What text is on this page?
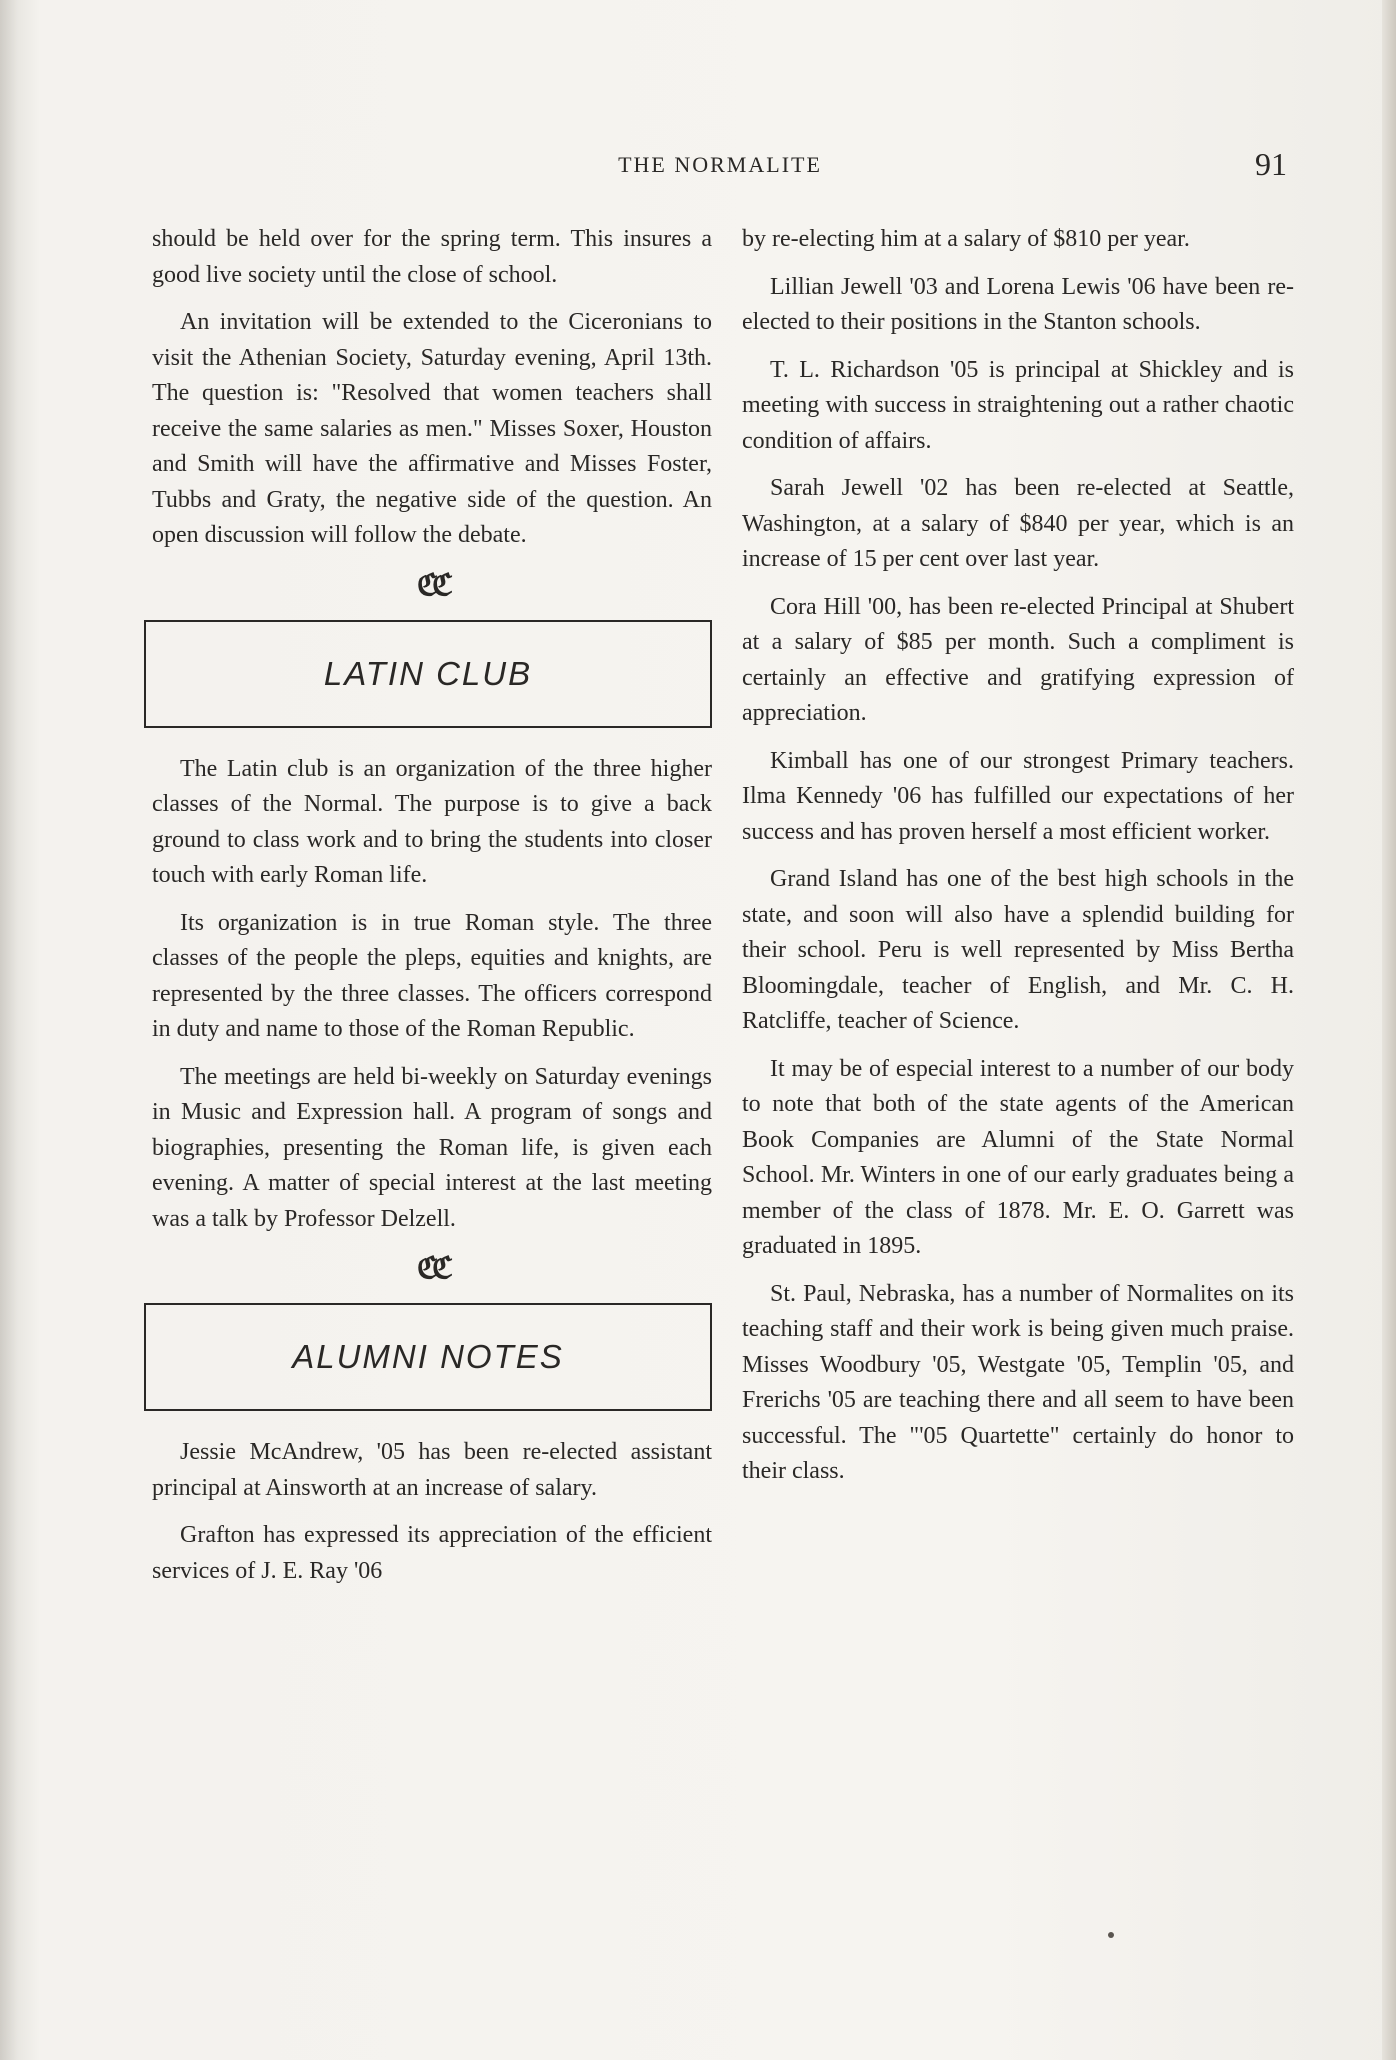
THE NORMALITE	91

should be held over for the spring term. This insures a good live society until the close of school.

An invitation will be extended to the Ciceronians to visit the Athenian Society, Saturday evening, April 13th. The question is: "Resolved that women teachers shall receive the same salaries as men." Misses Soxer, Houston and Smith will have the affirmative and Misses Foster, Tubbs and Graty, the negative side of the question. An open discussion will follow the debate.

ℭℭ
LATIN CLUB

The Latin club is an organization of the three higher classes of the Normal. The purpose is to give a back ground to class work and to bring the students into closer touch with early Roman life.

Its organization is in true Roman style. The three classes of the people the pleps, equities and knights, are represented by the three classes. The officers correspond in duty and name to those of the Roman Republic.

The meetings are held bi-weekly on Saturday evenings in Music and Expression hall. A program of songs and biographies, presenting the Roman life, is given each evening. A matter of special interest at the last meeting was a talk by Professor Delzell.

ℭℭ
ALUMNI NOTES

Jessie McAndrew, '05 has been re-elected assistant principal at Ainsworth at an increase of salary.

Grafton has expressed its appreciation of the efficient services of J. E. Ray '06

by re-electing him at a salary of $810 per year.

Lillian Jewell '03 and Lorena Lewis '06 have been re-elected to their positions in the Stanton schools.

T. L. Richardson '05 is principal at Shickley and is meeting with success in straightening out a rather chaotic condition of affairs.

Sarah Jewell '02 has been re-elected at Seattle, Washington, at a salary of $840 per year, which is an increase of 15 per cent over last year.

Cora Hill '00, has been re-elected Principal at Shubert at a salary of $85 per month. Such a compliment is certainly an effective and gratifying expression of appreciation.

Kimball has one of our strongest Primary teachers. Ilma Kennedy '06 has fulfilled our expectations of her success and has proven herself a most efficient worker.

Grand Island has one of the best high schools in the state, and soon will also have a splendid building for their school. Peru is well represented by Miss Bertha Bloomingdale, teacher of English, and Mr. C. H. Ratcliffe, teacher of Science.

It may be of especial interest to a number of our body to note that both of the state agents of the American Book Companies are Alumni of the State Normal School. Mr. Winters in one of our early graduates being a member of the class of 1878. Mr. E. O. Garrett was graduated in 1895.

St. Paul, Nebraska, has a number of Normalites on its teaching staff and their work is being given much praise. Misses Woodbury '05, Westgate '05, Templin '05, and Frerichs '05 are teaching there and all seem to have been successful. The "'05 Quartette" certainly do honor to their class.
